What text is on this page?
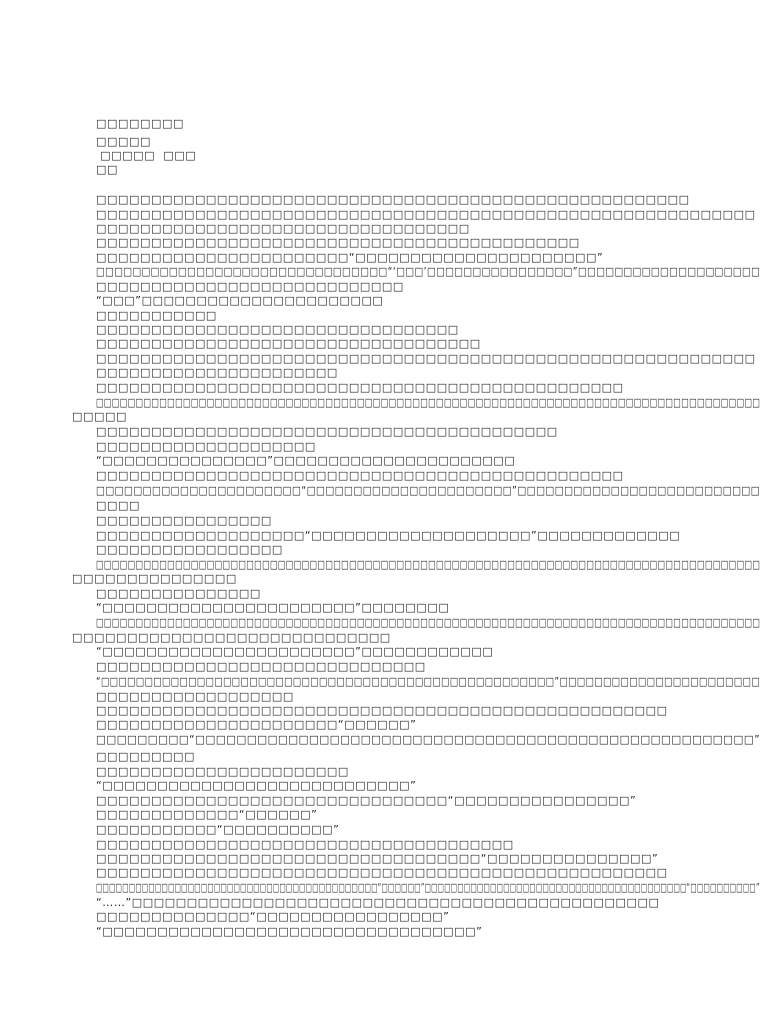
□□□□□□□□
□□□□□
□□□□□  □□□
□□
□□□□□□□□□□□□□□□□□□□□□□□□□□□□□□□□□□□□□□□□□□□□□□□□□□□□□□
□□□□□□□□□□□□□□□□□□□□□□□□□□□□□□□□□□□□□□□□□□□□□□□□□□□□□□□□□□□□
□□□□□□□□□□□□□□□□□□□□□□□□□□□□□□□□□□
□□□□□□□□□□□□□□□□□□□□□□□□□□□□□□□□□□□□□□□□□□□□
□□□□□□□□□□□□□□□□□□□□□□□“□□□□□□□□□□□□□□□□□□□□□□”
□□□□□□□□□□□□□□□□□□□□□□□□□□□□□□□□“‘□□□’□□□□□□□□□□□□□□□□”□□□□□□□□□□□□□□□□□□□□
□□□□□□□□□□□□□□□□□□□□□□□□□□□□
“□□□”□□□□□□□□□□□□□□□□□□□□□□
□□□□□□□□□□□
□□□□□□□□□□□□□□□□□□□□□□□□□□□□□□□□□
□□□□□□□□□□□□□□□□□□□□□□□□□□□□□□□□□□□
□□□□□□□□□□□□□□□□□□□□□□□□□□□□□□□□□□□□□□□□□□□□□□□□□□□□□□□□□□□□
□□□□□□□□□□□□□□□□□□□□□□
□□□□□□□□□□□□□□□□□□□□□□□□□□□□□□□□□□□□□□□□□□□□□□□□
□□□□□□□□□□□□□□□□□□□□□□□□□□□□□□□□□□□□□□□□□□□□□□□□□□□□□□□□□□□□□□□□□□□□□□□□□□□□□□□□□□□□
□□□□□
□□□□□□□□□□□□□□□□□□□□□□□□□□□□□□□□□□□□□□□□□□
□□□□□□□□□□□□□□□□□□□□
“□□□□□□□□□□□□□□□”□□□□□□□□□□□□□□□□□□□□□□
□□□□□□□□□□□□□□□□□□□□□□□□□□□□□□□□□□□□□□□□□□□□□□□□
□□□□□□□□□□□□□□□□□□□□□□“□□□□□□□□□□□□□□□□□□□□□□”□□□□□□□□□□□□□□□□□□□□□□□□□□
□□□□
□□□□□□□□□□□□□□□□
□□□□□□□□□□□□□□□□□□□“□□□□□□□□□□□□□□□□□□□□”□□□□□□□□□□□□□
□□□□□□□□□□□□□□□□□
□□□□□□□□□□□□□□□□□□□□□□□□□□□□□□□□□□□□□□□□□□□□□□□□□□□□□□□□□□□□□□□□□□□□□□□□□□□□□□□□□□□□
□□□□□□□□□□□□□□□
□□□□□□□□□□□□□□□
“□□□□□□□□□□□□□□□□□□□□□□□”□□□□□□□□
□□□□□□□□□□□□□□□□□□□□□□□□□□□□□□□□□□□□□□□□□□□□□□□□□□□□□□□□□□□□□□□□□□□□□□□□□□□□□□□□□□□□
□□□□□□□□□□□□□□□□□□□□□□□□□□□□□
“□□□□□□□□□□□□□□□□□□□□□□□”□□□□□□□□□□□□
□□□□□□□□□□□□□□□□□□□□□□□□□□□□□□
“□□□□□□□□□□□□□□□□□□□□□□□□□□□□□□□□□□□□□□□□□□□□□□□□□□□□”□□□□□□□□□□□□□□□□□□□□□□□
□□□□□□□□□□□□□□□□□□
□□□□□□□□□□□□□□□□□□□□□□□□□□□□□□□□□□□□□□□□□□□□□□□□□□□□
□□□□□□□□□□□□□□□□□□□□□□“□□□□□□”
□□□□□□□□□“□□□□□□□□□□□□□□□□□□□□□□□□□□□□□□□□□□□□□□□□□□□□□□□□□□□□□□”
□□□□□□□□□
□□□□□□□□□□□□□□□□□□□□□□□
“□□□□□□□□□□□□□□□□□□□□□□□□□□□□”
□□□□□□□□□□□□□□□□□□□□□□□□□□□□□□□□“□□□□□□□□□□□□□□□□”
□□□□□□□□□□□□□“□□□□□□”
□□□□□□□□□□□“□□□□□□□□□□”
□□□□□□□□□□□□□□□□□□□□□□□□□□□□□□□□□□□□□□
□□□□□□□□□□□□□□□□□□□□□□□□□□□□□□□□□□□“□□□□□□□□□□□□□□□”
□□□□□□□□□□□□□□□□□□□□□□□□□□□□□□□□□□□□□□□□□□□□□□□□□□□□
□□□□□□□□□□□□□□□□□□□□□□□□□□□□□□□□□□□□□□□□□□□“□□□□□□”□□□□□□□□□□□□□□□□□□□□□□□□□□□□□□□□□□□□□□□□“□□□□□□□□□□”
“……”□□□□□□□□□□□□□□□□□□□□□□□□□□□□□□□□□□□□□□□□□□□□□□□□
□□□□□□□□□□□□□□“□□□□□□□□□□□□□□□□□”
“□□□□□□□□□□□□□□□□□□□□□□□□□□□□□□□□□□”
